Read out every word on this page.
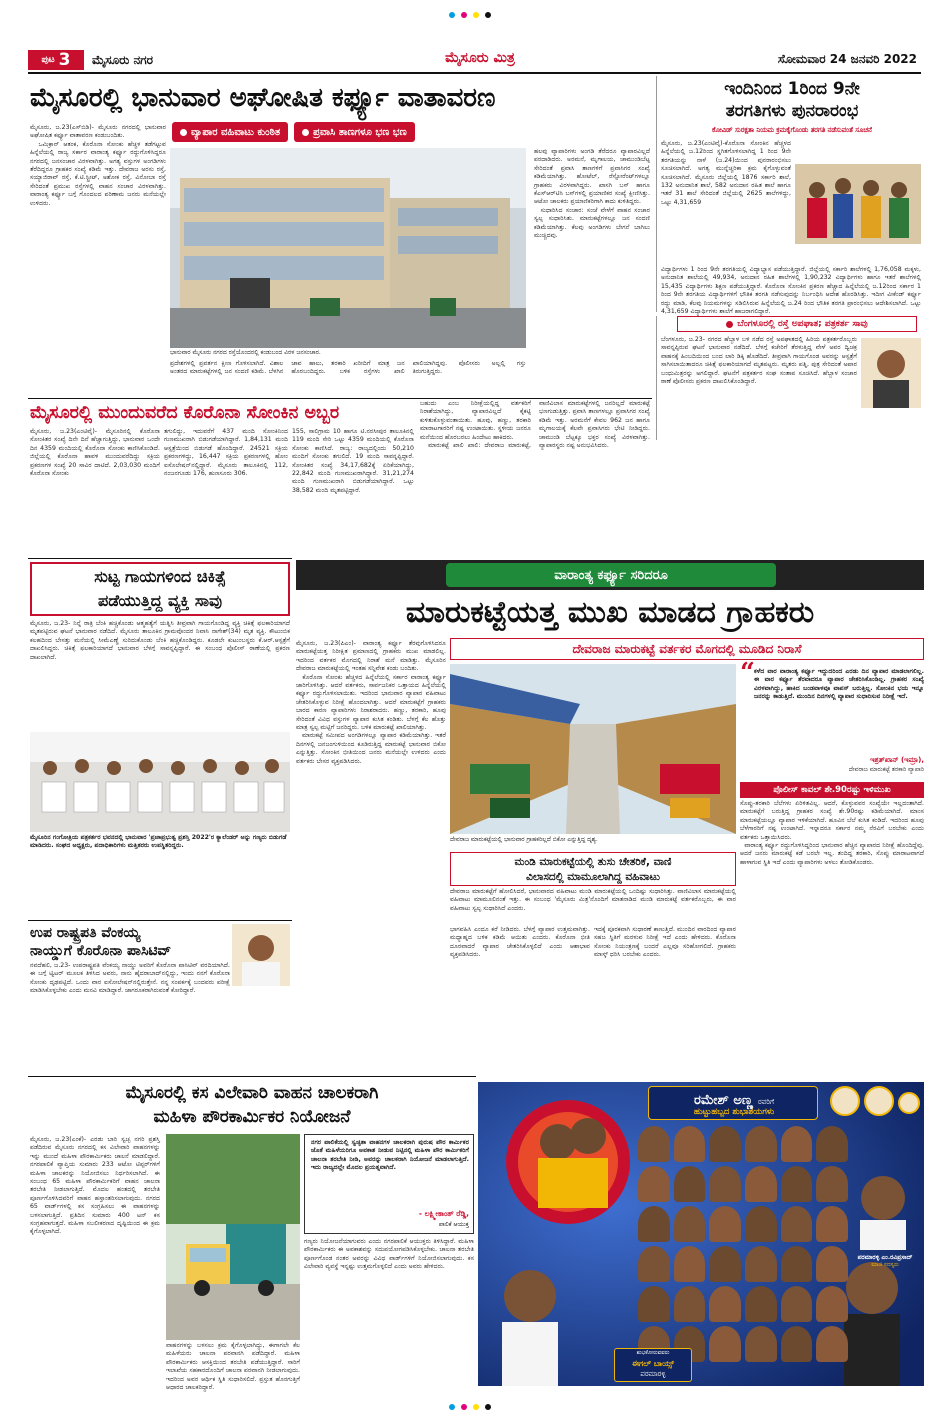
ಪುಟ 3 ಮೈಸೂರು ನಗರ	ಮೈಸೂರು ಮಿತ್ರ	ಸೋಮವಾರ 24 ಜನವರಿ 2022
ಮೈಸೂರಲ್ಲಿ ಭಾನುವಾರ ಅಘೋಷಿತ ಕರ್ಫ್ಯೂ ವಾತಾವರಣ
ವ್ಯಾಪಾರ ವಹಿವಾಟು ಕುಂಠಿತ	ಪ್ರವಾಸಿ ತಾಣಗಳೂ ಭಣ ಭಣ
ಮೈಸೂರು, ಜ.23(ಎಸ್‌ಬಿಡಿ)- ಮೈಸೂರು ನಗರದಲ್ಲಿ ಭಾನುವಾರ ಅಘೋಷಿತ ಕರ್ಫ್ಯೂ ವಾತಾವರಣ ಕಂಡುಬಂದಿತು.
ಒಮಿಕ್ರಾನ್ ಆತಂಕ, ಕೊರೊನಾ ಸೋಂಕು ಹೆಚ್ಚಳ ತಡೆಗಟ್ಟುವ ಹಿನ್ನೆಲೆಯಲ್ಲಿ ರಾಜ್ಯ ಸರ್ಕಾರ ವಾರಾಂತ್ಯ ಕರ್ಫ್ಯೂ ರದ್ದುಗೊಳಿಸಿದ್ದರೂ ನಗರದಲ್ಲಿ ಜನಸಂಚಾರ ವಿರಳವಾಗಿತ್ತು. ಅಗತ್ಯ ವಸ್ತುಗಳ ಅಂಗಡಿಗಳು ತೆರೆದಿದ್ದರೂ ಗ್ರಾಹಕರ ಸಂಖ್ಯೆ ಕಡಿಮೆ ಇತ್ತು. ದೇವರಾಜ ಅರಸು ರಸ್ತೆ, ಸಯ್ಯಾಜಿರಾವ್ ರಸ್ತೆ, ಕೆ.ಟಿ.ಸ್ಟ್ರೀಟ್, ಅಶೋಕ ರಸ್ತೆ, ವಿನೋಬಾ ರಸ್ತೆ ಸೇರಿದಂತೆ ಪ್ರಮುಖ ರಸ್ತೆಗಳಲ್ಲಿ ವಾಹನ ಸಂಚಾರ ವಿರಳವಾಗಿತ್ತು. ವಾರಾಂತ್ಯ ಕರ್ಫ್ಯೂ ಬಗ್ಗೆ ಗೊಂದಲದ ಪರಿಣಾಮ ಜನರು ಮನೆಯಲ್ಲೇ ಉಳಿದರು.
ಭಾನುವಾರ ಮೈಸೂರು ನಗರದ ರಸ್ತೆಯೊಂದರಲ್ಲಿ ಕಂಡುಬಂದ ವಿರಳ ಜನಸಂಚಾರ.
ಪ್ರದೇಶಗಳಲ್ಲಿ ಪ್ರವರ್ತನ ಕ್ಷೀಣ ಗೊಳಿಸಲಾಗಿದೆ. ವಿಶಾಲ ಅಂತರದ ಮಾರುಕಟ್ಟೆಗಳಲ್ಲಿ ಜನ ಸಂದಣಿ ಕಡಿಮೆ. ಬೆಳಗಿನ ಜಾವ ಹಾಲು, ತರಕಾರಿ ಖರೀದಿಗೆ ಮಾತ್ರ ಜನ ಹೊರಬಂದಿದ್ದರು. ಬಳಿಕ ರಸ್ತೆಗಳು ಖಾಲಿ ಖಾಲಿಯಾಗಿದ್ದವು. ಪೊಲೀಸರು ಅಲ್ಲಲ್ಲಿ ಗಸ್ತು ತಿರುಗುತ್ತಿದ್ದರು.
ಹಲವು ವ್ಯಾಪಾರಿಗಳು ಅಂಗಡಿ ತೆರೆದರೂ ವ್ಯಾಪಾರವಿಲ್ಲದೆ ಪರದಾಡಿದರು. ಅರಮನೆ, ಮೃಗಾಲಯ, ಚಾಮುಂಡಿಬೆಟ್ಟ ಸೇರಿದಂತೆ ಪ್ರವಾಸಿ ತಾಣಗಳಿಗೆ ಪ್ರವಾಸಿಗರ ಸಂಖ್ಯೆ ಕಡಿಮೆಯಾಗಿತ್ತು. ಹೋಟೆಲ್, ರೆಸ್ಟೋರೆಂಟ್‌ಗಳಲ್ಲೂ ಗ್ರಾಹಕರು ವಿರಳವಾಗಿದ್ದರು. ಖಾಸಗಿ ಬಸ್ ಹಾಗೂ ಕೆಎಸ್‌ಆರ್‌ಟಿಸಿ ಬಸ್‌ಗಳಲ್ಲಿ ಪ್ರಯಾಣಿಕರ ಸಂಖ್ಯೆ ಕ್ಷೀಣಿಸಿತ್ತು. ಆಟೋ ಚಾಲಕರು ಪ್ರಯಾಣಿಕರಿಗಾಗಿ ಕಾದು ಕುಳಿತಿದ್ದರು.
ಸುಧಾರಿಸಿದ ಸಂಚಾರ: ಸಂಜೆ ವೇಳೆಗೆ ವಾಹನ ಸಂಚಾರ ಸ್ವಲ್ಪ ಸುಧಾರಿಸಿತು. ಮಾರುಕಟ್ಟೆಗಳಲ್ಲೂ ಜನ ಸಂದಣಿ ಕಡಿಮೆಯಾಗಿತ್ತು. ಕೆಲವು ಅಂಗಡಿಗಳು ಬೇಗನೆ ಬಾಗಿಲು ಮುಚ್ಚಿದವು.
ಇಂದಿನಿಂದ 1ರಿಂದ 9ನೇ
ತರಗತಿಗಳು ಪುನರಾರಂಭ
ಕೋವಿಡ್ ಸುರಕ್ಷತಾ ನಿಯಮ ಕ್ರಮಕೈಗೊಂಡು ತರಗತಿ ನಡೆಸುವಂತೆ ಸೂಚನೆ
ಮೈಸೂರು, ಜ.23(ಎಂಟಿವೈ)-ಕೊರೊನಾ ಸೋಂಕಿನ ಹೆಚ್ಚಳದ ಹಿನ್ನೆಲೆಯಲ್ಲಿ ಜ.12ರಿಂದ ಸ್ಥಗಿತಗೊಳಿಸಲಾಗಿದ್ದ 1 ರಿಂದ 9ನೇ ತರಗತಿಯನ್ನು ನಾಳೆ (ಜ.24)ಯಿಂದ ಪುನರಾರಂಭಿಸಲು ಸೂಚಿಸಲಾಗಿದೆ. ಅಗತ್ಯ ಮುನ್ನೆಚ್ಚರಿಕಾ ಕ್ರಮ ಕೈಗೊಳ್ಳುವಂತೆ ಸೂಚಿಸಲಾಗಿದೆ. ಮೈಸೂರು ಜಿಲ್ಲೆಯಲ್ಲಿ 1876 ಸರ್ಕಾರಿ ಶಾಲೆ, 132 ಅನುದಾನಿತ ಶಾಲೆ, 582 ಅನುದಾನ ರಹಿತ ಶಾಲೆ ಹಾಗೂ ಇತರೆ 31 ಶಾಲೆ ಸೇರಿದಂತೆ ಜಿಲ್ಲೆಯಲ್ಲಿ 2625 ಶಾಲೆಗಳಿದ್ದು, ಒಟ್ಟು 4,31,659
ವಿದ್ಯಾರ್ಥಿಗಳು 1 ರಿಂದ 9ನೇ ತರಗತಿಯಲ್ಲಿ ವಿದ್ಯಾಭ್ಯಾಸ ಪಡೆಯುತ್ತಿದ್ದಾರೆ. ಜಿಲ್ಲೆಯಲ್ಲಿ ಸರ್ಕಾರಿ ಶಾಲೆಗಳಲ್ಲಿ 1,76,058 ಮಕ್ಕಳು, ಅನುದಾನಿತ ಶಾಲೆಯಲ್ಲಿ 49,934, ಅನುದಾನ ರಹಿತ ಶಾಲೆಗಳಲ್ಲಿ 1,90,232 ವಿದ್ಯಾರ್ಥಿಗಳು ಹಾಗೂ ಇತರೆ ಶಾಲೆಗಳಲ್ಲಿ 15,435 ವಿದ್ಯಾರ್ಥಿಗಳು ಶಿಕ್ಷಣ ಪಡೆಯುತ್ತಿದ್ದಾರೆ. ಕೊರೊನಾ ಸೋಂಕಿನ ಪ್ರಕರಣ ಹೆಚ್ಚಾದ ಹಿನ್ನೆಲೆಯಲ್ಲಿ ಜ.12ರಿಂದ ಸರ್ಕಾರ 1 ರಿಂದ 9ನೇ ತರಗತಿಯ ವಿದ್ಯಾರ್ಥಿಗಳಿಗೆ ಭೌತಿಕ ತರಗತಿ ನಡೆಸುವುದನ್ನು ನಿರ್ಬಂಧಿಸಿ ಆದೇಶ ಹೊರಡಿಸಿತ್ತು. ಇದೀಗ ವೀಕೆಂಡ್ ಕರ್ಫ್ಯೂ ರದ್ದು ಮಾಡಿ, ಕೆಲವು ನಿಯಮಗಳನ್ನು ಸಡಿಲಿಸಿರುವ ಹಿನ್ನೆಲೆಯಲ್ಲಿ ಜ.24 ರಿಂದ ಭೌತಿಕ ತರಗತಿ ಪ್ರಾರಂಭಿಸಲು ಆದೇಶಿಸಲಾಗಿದೆ. ಒಟ್ಟು 4,31,659 ವಿದ್ಯಾರ್ಥಿಗಳು ಶಾಲೆಗೆ ಹಾಜರಾಗಲಿದ್ದಾರೆ.
ಬೆಂಗಳೂರಲ್ಲಿ ರಸ್ತೆ ಅಪಘಾತ; ಪತ್ರಕರ್ತ ಸಾವು
ಬೆಂಗಳೂರು, ಜ.23- ನಗರದ ಹೆಬ್ಬಾಳ ಬಳಿ ನಡೆದ ರಸ್ತೆ ಅಪಘಾತದಲ್ಲಿ ಹಿರಿಯ ಪತ್ರಕರ್ತರೊಬ್ಬರು ಸಾವನ್ನಪ್ಪಿರುವ ಘಟನೆ ಭಾನುವಾರ ನಡೆದಿದೆ. ಬೆಳಗ್ಗೆ ಕಚೇರಿಗೆ ತೆರಳುತ್ತಿದ್ದ ವೇಳೆ ಅವರ ದ್ವಿಚಕ್ರ ವಾಹನಕ್ಕೆ ಹಿಂಬದಿಯಿಂದ ಬಂದ ಲಾರಿ ಡಿಕ್ಕಿ ಹೊಡೆದಿದೆ. ತೀವ್ರವಾಗಿ ಗಾಯಗೊಂಡ ಅವರನ್ನು ಆಸ್ಪತ್ರೆಗೆ ಸಾಗಿಸಲಾಯಿತಾದರೂ ಚಿಕಿತ್ಸೆ ಫಲಕಾರಿಯಾಗದೆ ಮೃತಪಟ್ಟರು. ಮೃತರು ಪತ್ನಿ, ಪುತ್ರ ಸೇರಿದಂತೆ ಅಪಾರ ಬಂಧುಮಿತ್ರರನ್ನು ಅಗಲಿದ್ದಾರೆ. ಘಟನೆಗೆ ಪತ್ರಕರ್ತರ ಸಂಘ ಸಂತಾಪ ಸೂಚಿಸಿದೆ. ಹೆಬ್ಬಾಳ ಸಂಚಾರ ಠಾಣೆ ಪೊಲೀಸರು ಪ್ರಕರಣ ದಾಖಲಿಸಿಕೊಂಡಿದ್ದಾರೆ.
ಮೈಸೂರಲ್ಲಿ ಮುಂದುವರೆದ ಕೊರೊನಾ ಸೋಂಕಿನ ಅಬ್ಬರ
ಮೈಸೂರು, ಜ.23(ಎಂಟಿವೈ)- ಮೈಸೂರಿನಲ್ಲಿ ಕೊರೊನಾ ಸೋಂಕಿತರ ಸಂಖ್ಯೆ ದಿನೇ ದಿನೆ ಹೆಚ್ಚಾಗುತ್ತಿದ್ದು, ಭಾನುವಾರ ಒಂದೇ ದಿನ 4359 ಮಂದಿಯಲ್ಲಿ ಕೊರೊನಾ ಸೋಂಕು ಕಾಣಿಸಿಕೊಂಡಿದೆ. ಜಿಲ್ಲೆಯಲ್ಲಿ ಕೊರೊನಾ ಹಾವಳಿ ಮುಂದುವರೆದಿದ್ದು ಸಕ್ರಿಯ ಪ್ರಕರಣಗಳ ಸಂಖ್ಯೆ 20 ಸಾವಿರ ದಾಟಿದೆ. 2,03,030 ಮಂದಿಗೆ ಕೊರೊನಾ ಸೋಂಕು
ತಗುಲಿದ್ದು, ಇದುವರೆಗೆ 437 ಮಂದಿ ಸೋಂಕಿನಿಂದ ಗುಣಮುಖರಾಗಿ ಬಿಡುಗಡೆಯಾಗಿದ್ದಾರೆ. 1,84,131 ಮಂದಿ ಆಸ್ಪತ್ರೆಯಿಂದ ಬಿಡುಗಡೆ ಹೊಂದಿದ್ದಾರೆ. 24521 ಸಕ್ರಿಯ ಪ್ರಕರಣಗಳಿದ್ದು, 16,447 ಸಕ್ರಿಯ ಪ್ರಕರಣಗಳಲ್ಲಿ ಹೋಂ ಐಸೊಲೇಷನ್‌ನಲ್ಲಿದ್ದಾರೆ. ಮೈಸೂರು ತಾಲೂಕಿನಲ್ಲಿ 112, ನಂಜನಗೂಡು 176, ಹುಣಸೂರು 306.
155, ಸಾಲಿಗ್ರಾಮ 10 ಹಾಗೂ ಟಿ.ನರಸೀಪುರ ತಾಲೂಕಿನಲ್ಲಿ 119 ಮಂದಿ ಸೇರಿ ಒಟ್ಟು 4359 ಮಂದಿಯಲ್ಲಿ ಕೊರೊನಾ ಸೋಂಕು ಕಾಣಿಸಿದೆ. ರಾಜ್ಯ: ರಾಜ್ಯದಲ್ಲಿಂದು 50,210 ಮಂದಿಗೆ ಸೋಂಕು ತಗುಲಿದೆ. 19 ಮಂದಿ ಸಾವನ್ನಪ್ಪಿದ್ದಾರೆ. ಸೋಂಕಿತರ ಸಂಖ್ಯೆ 34,17,682ಕ್ಕೆ ಏರಿಕೆಯಾಗಿದ್ದು, 22,842 ಮಂದಿ ಗುಣಮುಖರಾಗಿದ್ದಾರೆ. 31,21,274 ಮಂದಿ ಗುಣಮುಖರಾಗಿ ಬಿಡುಗಡೆಯಾಗಿದ್ದಾರೆ. ಒಟ್ಟು 38,582 ಮಂದಿ ಮೃತಪಟ್ಟಿದ್ದಾರೆ.
ಬಹುದು ಎಂಬ ನಿರೀಕ್ಷೆಯಲ್ಲಿದ್ದ ವರ್ತಕರಿಗೆ ನಿರಾಶೆಯಾಗಿದ್ದು, ವ್ಯಾಪಾರವಿಲ್ಲದೆ ಕೈಕಟ್ಟಿ ಕುಳಿತುಕೊಳ್ಳುವಂತಾಯಿತು. ಹೂವು, ಹಣ್ಣು, ತರಕಾರಿ ಮಾರಾಟಗಾರರಿಗೆ ನಷ್ಟ ಉಂಟಾಯಿತು. ಸ್ಥಳೀಯ ಜನರೂ ಮನೆಯಿಂದ ಹೊರಬರಲು ಹಿಂದೇಟು ಹಾಕಿದರು.
ಮಾರುಕಟ್ಟೆ ಖಾಲಿ ಖಾಲಿ: ದೇವರಾಜ ಮಾರುಕಟ್ಟೆ, ವಾಣಿವಿಲಾಸ ಮಾರುಕಟ್ಟೆಗಳಲ್ಲಿ ಜನರಿಲ್ಲದೆ ಮಾರುಕಟ್ಟೆ ಭಣಗುಡುತ್ತಿತ್ತು. ಪ್ರವಾಸಿ ತಾಣಗಳಲ್ಲೂ ಪ್ರವಾಸಿಗರ ಸಂಖ್ಯೆ ಕಡಿಮೆ ಇತ್ತು. ಅರಮನೆಗೆ ಕೇವಲ 962 ಜನ ಹಾಗೂ ಮೃಗಾಲಯಕ್ಕೆ ಕೆಲವೇ ಪ್ರವಾಸಿಗರು ಭೇಟಿ ನೀಡಿದ್ದರು. ಚಾಮುಂಡಿ ಬೆಟ್ಟಕ್ಕೂ ಭಕ್ತರ ಸಂಖ್ಯೆ ವಿರಳವಾಗಿತ್ತು. ವ್ಯಾಪಾರಸ್ಥರು ನಷ್ಟ ಅನುಭವಿಸಿದರು.
ಸುಟ್ಟ ಗಾಯಗಳಿಂದ ಚಿಕಿತ್ಸೆ
ಪಡೆಯುತ್ತಿದ್ದ ವ್ಯಕ್ತಿ ಸಾವು
ಮೈಸೂರು, ಜ.23- ನಿನ್ನೆ ರಾತ್ರಿ ಬೆಂಕಿ ಹಚ್ಚಿಕೊಂಡು ಆತ್ಮಹತ್ಯೆಗೆ ಯತ್ನಿಸಿ ತೀವ್ರವಾಗಿ ಗಾಯಗೊಂಡಿದ್ದ ವ್ಯಕ್ತಿ ಚಿಕಿತ್ಸೆ ಫಲಕಾರಿಯಾಗದೆ ಮೃತಪಟ್ಟಿರುವ ಘಟನೆ ಭಾನುವಾರ ನಡೆದಿದೆ. ಮೈಸೂರು ತಾಲೂಕಿನ ಗ್ರಾಮವೊಂದರ ನಿವಾಸಿ ನಾಗೇಶ್(34) ಮೃತ ವ್ಯಕ್ತಿ. ಕೌಟುಂಬಿಕ ಕಲಹದಿಂದ ಬೇಸತ್ತು ಮನೆಯಲ್ಲಿ ಸೀಮೆಎಣ್ಣೆ ಸುರಿದುಕೊಂಡು ಬೆಂಕಿ ಹಚ್ಚಿಕೊಂಡಿದ್ದರು. ಕೂಡಲೇ ಕುಟುಂಬಸ್ಥರು ಕೆ.ಆರ್.ಆಸ್ಪತ್ರೆಗೆ ದಾಖಲಿಸಿದ್ದರು. ಚಿಕಿತ್ಸೆ ಫಲಕಾರಿಯಾಗದೆ ಭಾನುವಾರ ಬೆಳಗ್ಗೆ ಸಾವನ್ನಪ್ಪಿದ್ದಾರೆ. ಈ ಸಂಬಂಧ ಪೊಲೀಸ್ ಠಾಣೆಯಲ್ಲಿ ಪ್ರಕರಣ ದಾಖಲಾಗಿದೆ.
ಮೈಸೂರಿನ ಗಂಗೋತ್ರಿಯ ಪತ್ರಕರ್ತರ ಭವನದಲ್ಲಿ ಭಾನುವಾರ 'ಪ್ರಜಾಪ್ರಭುತ್ವ ಪ್ರಶಸ್ತಿ 2022'ರ ಕ್ಯಾಲೆಂಡರ್ ಅನ್ನು ಗಣ್ಯರು ಬಿಡುಗಡೆ ಮಾಡಿದರು. ಸಂಘದ ಅಧ್ಯಕ್ಷರು, ಪದಾಧಿಕಾರಿಗಳು ಮತ್ತಿತರರು ಉಪಸ್ಥಿತರಿದ್ದರು.
ಉಪ ರಾಷ್ಟ್ರಪತಿ ವೆಂಕಯ್ಯ
ನಾಯ್ಡುಗೆ ಕೊರೊನಾ ಪಾಸಿಟಿವ್
ನವದೆಹಲಿ, ಜ.23- ಉಪರಾಷ್ಟ್ರಪತಿ ವೆಂಕಯ್ಯ ನಾಯ್ಡು ಅವರಿಗೆ ಕೊರೊನಾ ಪಾಸಿಟಿವ್ ವರದಿಯಾಗಿದೆ. ಈ ಬಗ್ಗೆ ಟ್ವಿಟರ್ ಮೂಲಕ ತಿಳಿಸಿದ ಅವರು, ನಾನು ಹೈದರಾಬಾದ್‌ನಲ್ಲಿದ್ದು, ಇಂದು ನನಗೆ ಕೊರೊನಾ ಸೋಂಕು ದೃಢಪಟ್ಟಿದೆ. ಒಂದು ವಾರ ಐಸೋಲೇಷನ್‌ನಲ್ಲಿರುತ್ತೇನೆ. ನನ್ನ ಸಂಪರ್ಕಕ್ಕೆ ಬಂದವರು ಪರೀಕ್ಷೆ ಮಾಡಿಸಿಕೊಳ್ಳಬೇಕು ಎಂದು ಮನವಿ ಮಾಡಿದ್ದಾರೆ. ಜಾಗರೂಕರಾಗಿರುವಂತೆ ಕೋರಿದ್ದಾರೆ.
ವಾರಾಂತ್ಯ ಕರ್ಫ್ಯೂ ಸರಿದರೂ
ಮಾರುಕಟ್ಟೆಯತ್ತ ಮುಖ ಮಾಡದ ಗ್ರಾಹಕರು
ದೇವರಾಜ ಮಾರುಕಟ್ಟೆ ವರ್ತಕರ ಮೊಗದಲ್ಲಿ ಮೂಡಿದ ನಿರಾಸೆ
ಮೈಸೂರು, ಜ.23(ಪಿಎಂ)- ವಾರಾಂತ್ಯ ಕರ್ಫ್ಯೂ ತೆರವುಗೊಳಿಸಿದರೂ ಮಾರುಕಟ್ಟೆಯತ್ತ ನಿರೀಕ್ಷಿತ ಪ್ರಮಾಣದಲ್ಲಿ ಗ್ರಾಹಕರು ಮುಖ ಮಾಡಲಿಲ್ಲ. ಇದರಿಂದ ವರ್ತಕರ ಮೊಗದಲ್ಲಿ ನಿರಾಶೆ ಮನೆ ಮಾಡಿತ್ತು. ಮೈಸೂರಿನ ದೇವರಾಜ ಮಾರುಕಟ್ಟೆಯಲ್ಲಿ ಇಂತಹ ಸನ್ನಿವೇಶ ಕಂಡು ಬಂದಿತು.
ಕೊರೊನಾ ಸೋಂಕು ಹೆಚ್ಚಳದ ಹಿನ್ನೆಲೆಯಲ್ಲಿ ಸರ್ಕಾರ ವಾರಾಂತ್ಯ ಕರ್ಫ್ಯೂ ಜಾರಿಗೊಳಿಸಿತ್ತು. ಆದರೆ ವರ್ತಕರು, ಸಾರ್ವಜನಿಕರ ಒತ್ತಾಯದ ಹಿನ್ನೆಲೆಯಲ್ಲಿ ಕರ್ಫ್ಯೂ ರದ್ದುಗೊಳಿಸಲಾಯಿತು. ಇದರಿಂದ ಭಾನುವಾರ ವ್ಯಾಪಾರ ವಹಿವಾಟು ಚೇತರಿಸಿಕೊಳ್ಳುವ ನಿರೀಕ್ಷೆ ಹೊಂದಲಾಗಿತ್ತು. ಆದರೆ ಮಾರುಕಟ್ಟೆಗೆ ಗ್ರಾಹಕರು ಬಾರದ ಕಾರಣ ವ್ಯಾಪಾರಿಗಳು ನಿರಾಶರಾದರು. ಹಣ್ಣು, ತರಕಾರಿ, ಹೂವು ಸೇರಿದಂತೆ ವಿವಿಧ ವಸ್ತುಗಳ ವ್ಯಾಪಾರ ಕುಸಿತ ಕಂಡಿತು. ಬೆಳಗ್ಗೆ ಕೆಲ ಹೊತ್ತು ಮಾತ್ರ ಸ್ವಲ್ಪ ಮಟ್ಟಿಗೆ ಜನರಿದ್ದರು. ಬಳಿಕ ಮಾರುಕಟ್ಟೆ ಖಾಲಿಯಾಗಿತ್ತು.
ಮಾರುಕಟ್ಟೆ ಸಮೀಪದ ಅಂಗಡಿಗಳಲ್ಲೂ ವ್ಯಾಪಾರ ಕಡಿಮೆಯಾಗಿತ್ತು. ಇತರೆ ದಿನಗಳಲ್ಲಿ ಜನಜಂಗುಳಿಯಿಂದ ಕೂಡಿರುತ್ತಿದ್ದ ಮಾರುಕಟ್ಟೆ ಭಾನುವಾರ ಬಿಕೋ ಎನ್ನುತ್ತಿತ್ತು. ಸೋಂಕಿನ ಭೀತಿಯಿಂದ ಜನರು ಮನೆಯಲ್ಲೇ ಉಳಿದರು ಎಂದು ವರ್ತಕರು ಬೇಸರ ವ್ಯಕ್ತಪಡಿಸಿದರು.
ದೇವರಾಜ ಮಾರುಕಟ್ಟೆಯಲ್ಲಿ ಭಾನುವಾರ ಗ್ರಾಹಕರಿಲ್ಲದೆ ಬಿಕೋ ಎನ್ನುತ್ತಿದ್ದ ದೃಶ್ಯ.
“ ಕಳೆದ ವಾರ ವಾರಾಂತ್ಯ ಕರ್ಫ್ಯೂ ಇದ್ದುದರಿಂದ ಎರಡು ದಿನ ವ್ಯಾಪಾರ ಮಾಡಲಾಗಲಿಲ್ಲ. ಈ ವಾರ ಕರ್ಫ್ಯೂ ತೆರವಾದರೂ ವ್ಯಾಪಾರ ಚೇತರಿಸಿಕೊಂಡಿಲ್ಲ. ಗ್ರಾಹಕರ ಸಂಖ್ಯೆ ವಿರಳವಾಗಿದ್ದು, ಹಾಕಿದ ಬಂಡವಾಳವೂ ವಾಪಸ್ ಬರುತ್ತಿಲ್ಲ. ಸೋಂಕಿನ ಭಯ ಇನ್ನೂ ಜನರನ್ನು ಕಾಡುತ್ತಿದೆ. ಮುಂದಿನ ದಿನಗಳಲ್ಲಿ ವ್ಯಾಪಾರ ಸುಧಾರಿಸುವ ನಿರೀಕ್ಷೆ ಇದೆ.
ಇಶ್ರತ್‌ಖಾನ್ (ಇಮ್ರಾ),
ದೇವರಾಜ ಮಾರುಕಟ್ಟೆ ತರಕಾರಿ ವ್ಯಾಪಾರಿ
ಪೊಲೀಸ್ ಕಾವಲ್ ಶೇ.90ರಷ್ಟು ಇಳಿಮುಖ
ಸೊಪ್ಪು-ತರಕಾರಿ ಬೆಲೆಗಳು ಏರಿಳಿತವಿಲ್ಲ. ಆದರೆ, ಕೊಳ್ಳುವವರ ಸಂಖ್ಯೆಯೇ ಇಲ್ಲದಂತಾಗಿದೆ. ಮಾರುಕಟ್ಟೆಗೆ ಬರುತ್ತಿದ್ದ ಗ್ರಾಹಕರ ಸಂಖ್ಯೆ ಶೇ.90ರಷ್ಟು ಕಡಿಮೆಯಾಗಿದೆ. ಮಾಂಸ ಮಾರುಕಟ್ಟೆಯಲ್ಲೂ ವ್ಯಾಪಾರ ಇಳಿಕೆಯಾಗಿದೆ. ಹೂವಿನ ಬೆಲೆ ಕುಸಿತ ಕಂಡಿದೆ. ಇದರಿಂದ ಹೂವು ಬೆಳೆಗಾರರಿಗೆ ನಷ್ಟ ಉಂಟಾಗಿದೆ. ಇನ್ನಾದರೂ ಸರ್ಕಾರ ನಮ್ಮ ನೆರವಿಗೆ ಬರಬೇಕು ಎಂದು ವರ್ತಕರು ಒತ್ತಾಯಿಸಿದರು.
ವಾರಾಂತ್ಯ ಕರ್ಫ್ಯೂ ರದ್ದುಗೊಳಿಸಿದ್ದರಿಂದ ಭಾನುವಾರ ಹೆಚ್ಚಿನ ವ್ಯಾಪಾರದ ನಿರೀಕ್ಷೆ ಹೊಂದಿದ್ದೆವು. ಆದರೆ ಜನರು ಮಾರುಕಟ್ಟೆ ಕಡೆ ಬರಲೇ ಇಲ್ಲ. ತಂದಿದ್ದ ತರಕಾರಿ, ಸೊಪ್ಪು ಮಾರಾಟವಾಗದೆ ಹಾಳಾಗುವ ಸ್ಥಿತಿ ಇದೆ ಎಂದು ವ್ಯಾಪಾರಿಗಳು ಅಳಲು ತೋಡಿಕೊಂಡರು.
ಮಂಡಿ ಮಾರುಕಟ್ಟೆಯಲ್ಲಿ ತುಸು ಚೇತರಿಕೆ, ವಾಣಿ
ವಿಲಾಸದಲ್ಲಿ ಮಾಮೂಲಾಗಿದ್ದ ವಹಿವಾಟು
ದೇವರಾಜ ಮಾರುಕಟ್ಟೆಗೆ ಹೋಲಿಸಿದರೆ, ಭಾನುವಾರದ ವಹಿವಾಟು ಮಂಡಿ ಮಾರುಕಟ್ಟೆಯಲ್ಲಿ ಒಂದಿಷ್ಟು ಸುಧಾರಿಸಿತ್ತು. ವಾಣಿವಿಲಾಸ ಮಾರುಕಟ್ಟೆಯಲ್ಲಿ ವಹಿವಾಟು ಮಾಮೂಲಿನಂತೆ ಇತ್ತು. ಈ ಸಂಬಂಧ 'ಮೈಸೂರು ಮಿತ್ರ'ನೊಂದಿಗೆ ಮಾತನಾಡಿದ ಮಂಡಿ ಮಾರುಕಟ್ಟೆ ವರ್ತಕರೊಬ್ಬರು, ಈ ವಾರ ವಹಿವಾಟು ಸ್ವಲ್ಪ ಸುಧಾರಿಸಿದೆ ಎಂದರು.
ಭಾಗವಹಿಸಿ ಎಂದೂ ಕರೆ ನೀಡಿದರು. ಬೆಳಗ್ಗೆ ವ್ಯಾಪಾರ ಉತ್ತಮವಾಗಿತ್ತು. ಮಧ್ಯಾಹ್ನದ ಬಳಿಕ ಕಡಿಮೆ ಆಯಿತು ಎಂದರು. ಕೊರೊನಾ ಭೀತಿ ದೂರವಾದರೆ ವ್ಯಾಪಾರ ಚೇತರಿಸಿಕೊಳ್ಳಲಿದೆ ಎಂದು ಆಶಾಭಾವ ವ್ಯಕ್ತಪಡಿಸಿದರು.
ಇದಕ್ಕೆ ಪೂರಕವಾಗಿ ಸುಧಾರಣೆ ಕಾಣುತ್ತಿದೆ. ಮುಂದಿನ ವಾರದಿಂದ ವ್ಯಾಪಾರ ಸಹಜ ಸ್ಥಿತಿಗೆ ಮರಳುವ ನಿರೀಕ್ಷೆ ಇದೆ ಎಂದು ಹೇಳಿದರು. ಕೊರೊನಾ ಸೋಂಕು ನಿಯಂತ್ರಣಕ್ಕೆ ಬಂದರೆ ಎಲ್ಲವೂ ಸರಿಹೋಗಲಿದೆ. ಗ್ರಾಹಕರು ಮಾಸ್ಕ್ ಧರಿಸಿ ಬರಬೇಕು ಎಂದರು.
ಮೈಸೂರಲ್ಲಿ ಕಸ ವಿಲೇವಾರಿ ವಾಹನ ಚಾಲಕರಾಗಿ
ಮಹಿಳಾ ಪೌರಕಾರ್ಮಿಕರ ನಿಯೋಜನೆ
ಮೈಸೂರು, ಜ.23(ಎಂಕೆ)- ಎರಡು ಬಾರಿ ಸ್ವಚ್ಛ ನಗರಿ ಪ್ರಶಸ್ತಿ ಪಡೆದಿರುವ ಮೈಸೂರು ನಗರದಲ್ಲಿ ಕಸ ವಿಲೇವಾರಿ ವಾಹನಗಳನ್ನು ಇನ್ನು ಮುಂದೆ ಮಹಿಳಾ ಪೌರಕಾರ್ಮಿಕರು ಚಾಲನೆ ಮಾಡಲಿದ್ದಾರೆ. ನಗರಪಾಲಿಕೆ ವ್ಯಾಪ್ತಿಯ ಸುಮಾರು 233 ಆಟೋ ಟಿಪ್ಪರ್‌ಗಳಿಗೆ ಮಹಿಳಾ ಚಾಲಕರನ್ನು ನಿಯೋಜಿಸಲು ನಿರ್ಧರಿಸಲಾಗಿದೆ. ಈ ಸಂಬಂಧ 65 ಮಹಿಳಾ ಪೌರಕಾರ್ಮಿಕರಿಗೆ ವಾಹನ ಚಾಲನಾ ತರಬೇತಿ ನೀಡಲಾಗುತ್ತಿದೆ. ಮೊದಲ ಹಂತದಲ್ಲಿ ತರಬೇತಿ ಪೂರ್ಣಗೊಳಿಸಿದವರಿಗೆ ವಾಹನ ಹಸ್ತಾಂತರಿಸಲಾಗುವುದು. ನಗರದ 65 ವಾರ್ಡ್‌ಗಳಲ್ಲಿ ಕಸ ಸಂಗ್ರಹಿಸಲು ಈ ವಾಹನಗಳನ್ನು ಬಳಸಲಾಗುತ್ತಿದೆ. ಪ್ರತಿದಿನ ಸುಮಾರು 400 ಟನ್ ಕಸ ಸಂಗ್ರಹವಾಗುತ್ತದೆ. ಮಹಿಳಾ ಸಬಲೀಕರಣದ ದೃಷ್ಟಿಯಿಂದ ಈ ಕ್ರಮ ಕೈಗೊಳ್ಳಲಾಗಿದೆ.
ನಗರ ಪಾಲಿಕೆಯಲ್ಲಿ ಸ್ವಚ್ಛತಾ ವಾಹನಗಳ ಚಾಲಕರಾಗಿ ಪುರುಷ ಪೌರ ಕಾರ್ಮಿಕರ ಜೊತೆ ಮಹಿಳೆಯರಿಗೂ ಅವಕಾಶ ನೀಡುವ ನಿಟ್ಟಿನಲ್ಲಿ ಮಹಿಳಾ ಪೌರ ಕಾರ್ಮಿಕರಿಗೆ ಚಾಲನಾ ತರಬೇತಿ ನೀಡಿ, ಅವರನ್ನು ಚಾಲಕರಾಗಿ ನಿಯೋಜನೆ ಮಾಡಲಾಗುತ್ತಿದೆ. ಇದು ರಾಜ್ಯದಲ್ಲೇ ಮೊದಲ ಪ್ರಯತ್ನವಾಗಿದೆ.
- ಲಕ್ಷ್ಮೀಕಾಂತ್ ರೆಡ್ಡಿ,
ಪಾಲಿಕೆ ಆಯುಕ್ತ
ವಾಹನಗಳನ್ನು ಬಳಸಲು ಕ್ರಮ ಕೈಗೊಳ್ಳಲಾಗಿದ್ದು, ಈಗಾಗಲೇ ಕೆಲ ಮಹಿಳೆಯರು ಚಾಲನಾ ಪರವಾನಗಿ ಪಡೆದಿದ್ದಾರೆ. ಮಹಿಳಾ ಪೌರಕಾರ್ಮಿಕರು ಆಸಕ್ತಿಯಿಂದ ತರಬೇತಿ ಪಡೆಯುತ್ತಿದ್ದಾರೆ. ಸಾರಿಗೆ ಇಲಾಖೆಯ ಸಹಕಾರದೊಂದಿಗೆ ಚಾಲನಾ ಪರವಾನಗಿ ನೀಡಲಾಗುವುದು. ಇದರಿಂದ ಅವರ ಆರ್ಥಿಕ ಸ್ಥಿತಿ ಸುಧಾರಿಸಲಿದೆ. ಪ್ರಸ್ತುತ ಹೊರಗುತ್ತಿಗೆ ಆಧಾರದ ಚಾಲಕರಿದ್ದಾರೆ.
ಗಣ್ಯರು ನಿಯೋಜನೆಯಾಗುವರು ಎಂದು ನಗರಪಾಲಿಕೆ ಆಯುಕ್ತರು ತಿಳಿಸಿದ್ದಾರೆ. ಮಹಿಳಾ ಪೌರಕಾರ್ಮಿಕರು ಈ ಅವಕಾಶವನ್ನು ಸದುಪಯೋಗಪಡಿಸಿಕೊಳ್ಳಬೇಕು. ಚಾಲನಾ ತರಬೇತಿ ಪೂರ್ಣಗೊಂಡ ನಂತರ ಅವರನ್ನು ವಿವಿಧ ವಾರ್ಡ್‌ಗಳಿಗೆ ನಿಯೋಜಿಸಲಾಗುವುದು. ಕಸ ವಿಲೇವಾರಿ ವ್ಯವಸ್ಥೆ ಇನ್ನಷ್ಟು ಉತ್ತಮಗೊಳ್ಳಲಿದೆ ಎಂದು ಅವರು ಹೇಳಿದರು.
ರಮೇಶ್ ಅಣ್ಣ ರವರಿಗೆ
ಹುಟ್ಟುಹಬ್ಬದ ಶುಭಾಶಯಗಳು
ಪರಮಾರಳ್ಳಿ ಎಂ.ರವಿಪ್ರಸಾದ್
ಮಾಜಿ ಸದಸ್ಯರು
ಶುಭಕೋರುವವರು
ಈಗಲ್ ಬಾಯ್ಸ್
ಪರಮಾರಳ್ಳಿ
